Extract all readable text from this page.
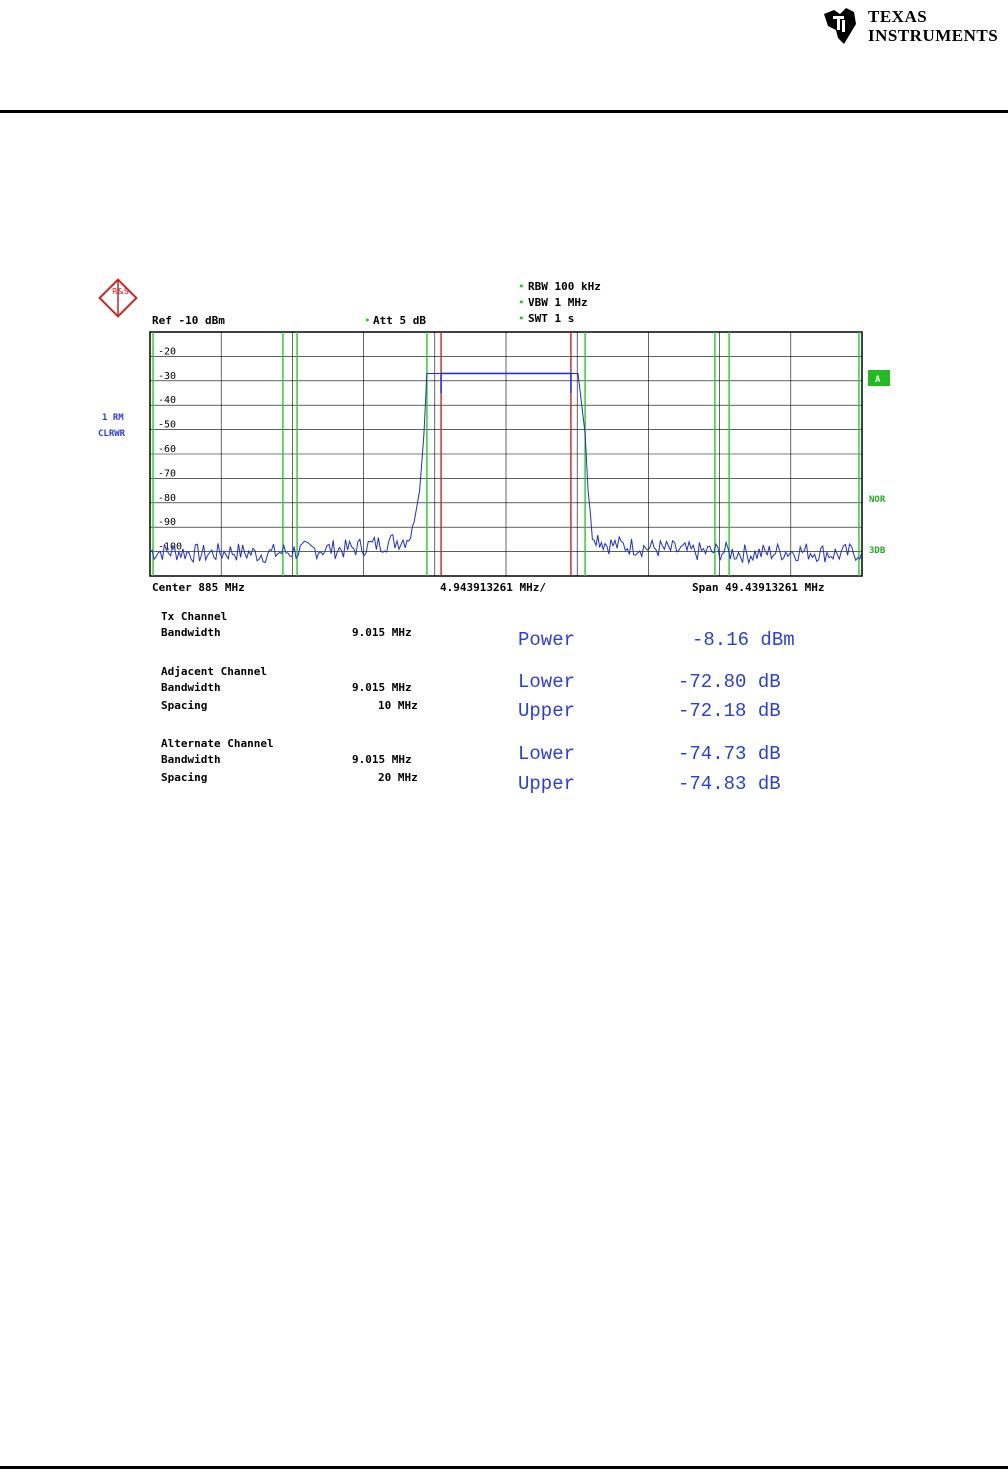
TEXAS
INSTRUMENTS
R&S
Ref -10 dBm	• Att 5 dB
• RBW 100 kHz
• VBW 1 MHz
• SWT 1 s
1 RM
CLRWR
-20
-30
-40
-50
-60
-70
-80
-90
-100
A
NOR
3DB
Center 885 MHz	4.943913261 MHz/	Span 49.43913261 MHz
Tx Channel
Bandwidth	9.015 MHz
Adjacent Channel
Bandwidth	9.015 MHz
Spacing	10 MHz
Alternate Channel
Bandwidth	9.015 MHz
Spacing	20 MHz
Power	-8.16 dBm
Lower	-72.80 dB
Upper	-72.18 dB
Lower	-74.73 dB
Upper	-74.83 dB
